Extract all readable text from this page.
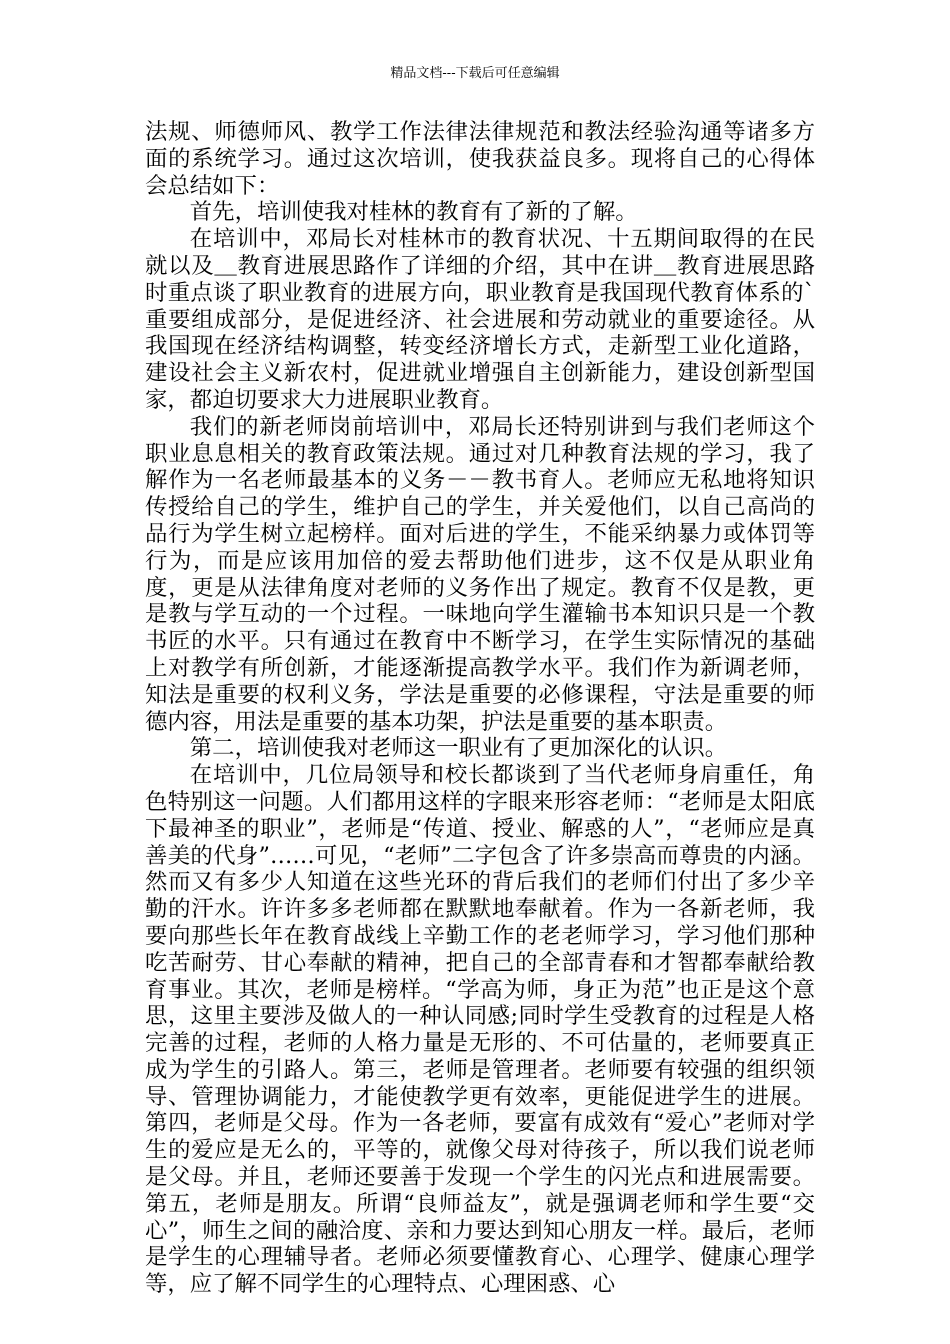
精品文档---下载后可任意编辑

法规、师德师风、教学工作法律法律规范和教法经验沟通等诸多方面的系统学习。通过这次培训，使我获益良多。现将自己的心得体会总结如下：

首先，培训使我对桂林的教育有了新的了解。

在培训中，邓局长对桂林市的教育状况、十五期间取得的在民就以及＿教育进展思路作了详细的介绍，其中在讲＿教育进展思路时重点谈了职业教育的进展方向，职业教育是我国现代教育体系的`重要组成部分，是促进经济、社会进展和劳动就业的重要途径。从我国现在经济结构调整，转变经济增长方式，走新型工业化道路，建设社会主义新农村，促进就业增强自主创新能力，建设创新型国家，都迫切要求大力进展职业教育。

我们的新老师岗前培训中，邓局长还特别讲到与我们老师这个职业息息相关的教育政策法规。通过对几种教育法规的学习，我了解作为一名老师最基本的义务－－教书育人。老师应无私地将知识传授给自己的学生，维护自己的学生，并关爱他们，以自己高尚的品行为学生树立起榜样。面对后进的学生，不能采纳暴力或体罚等行为，而是应该用加倍的爱去帮助他们进步，这不仅是从职业角度，更是从法律角度对老师的义务作出了规定。教育不仅是教，更是教与学互动的一个过程。一味地向学生灌输书本知识只是一个教书匠的水平。只有通过在教育中不断学习，在学生实际情况的基础上对教学有所创新，才能逐渐提高教学水平。我们作为新调老师，知法是重要的权利义务，学法是重要的必修课程，守法是重要的师德内容，用法是重要的基本功架，护法是重要的基本职责。

第二，培训使我对老师这一职业有了更加深化的认识。

在培训中，几位局领导和校长都谈到了当代老师身肩重任，角色特别这一问题。人们都用这样的字眼来形容老师：“老师是太阳底下最神圣的职业”，老师是“传道、授业、解惑的人”，“老师应是真善美的代身”……可见，“老师”二字包含了许多崇高而尊贵的内涵。然而又有多少人知道在这些光环的背后我们的老师们付出了多少辛勤的汗水。许许多多老师都在默默地奉献着。作为一各新老师，我要向那些长年在教育战线上辛勤工作的老老师学习，学习他们那种吃苦耐劳、甘心奉献的精神，把自己的全部青春和才智都奉献给教育事业。其次，老师是榜样。“学高为师，身正为范”也正是这个意思，这里主要涉及做人的一种认同感;同时学生受教育的过程是人格完善的过程，老师的人格力量是无形的、不可估量的，老师要真正成为学生的引路人。第三，老师是管理者。老师要有较强的组织领导、管理协调能力，才能使教学更有效率，更能促进学生的进展。第四，老师是父母。作为一各老师，要富有成效有“爱心”老师对学生的爱应是无么的，平等的，就像父母对待孩子，所以我们说老师是父母。并且，老师还要善于发现一个学生的闪光点和进展需要。第五，老师是朋友。所谓“良师益友”，就是强调老师和学生要“交心”，师生之间的融洽度、亲和力要达到知心朋友一样。最后，老师是学生的心理辅导者。老师必须要懂教育心、心理学、健康心理学等，应了解不同学生的心理特点、心理困惑、心
